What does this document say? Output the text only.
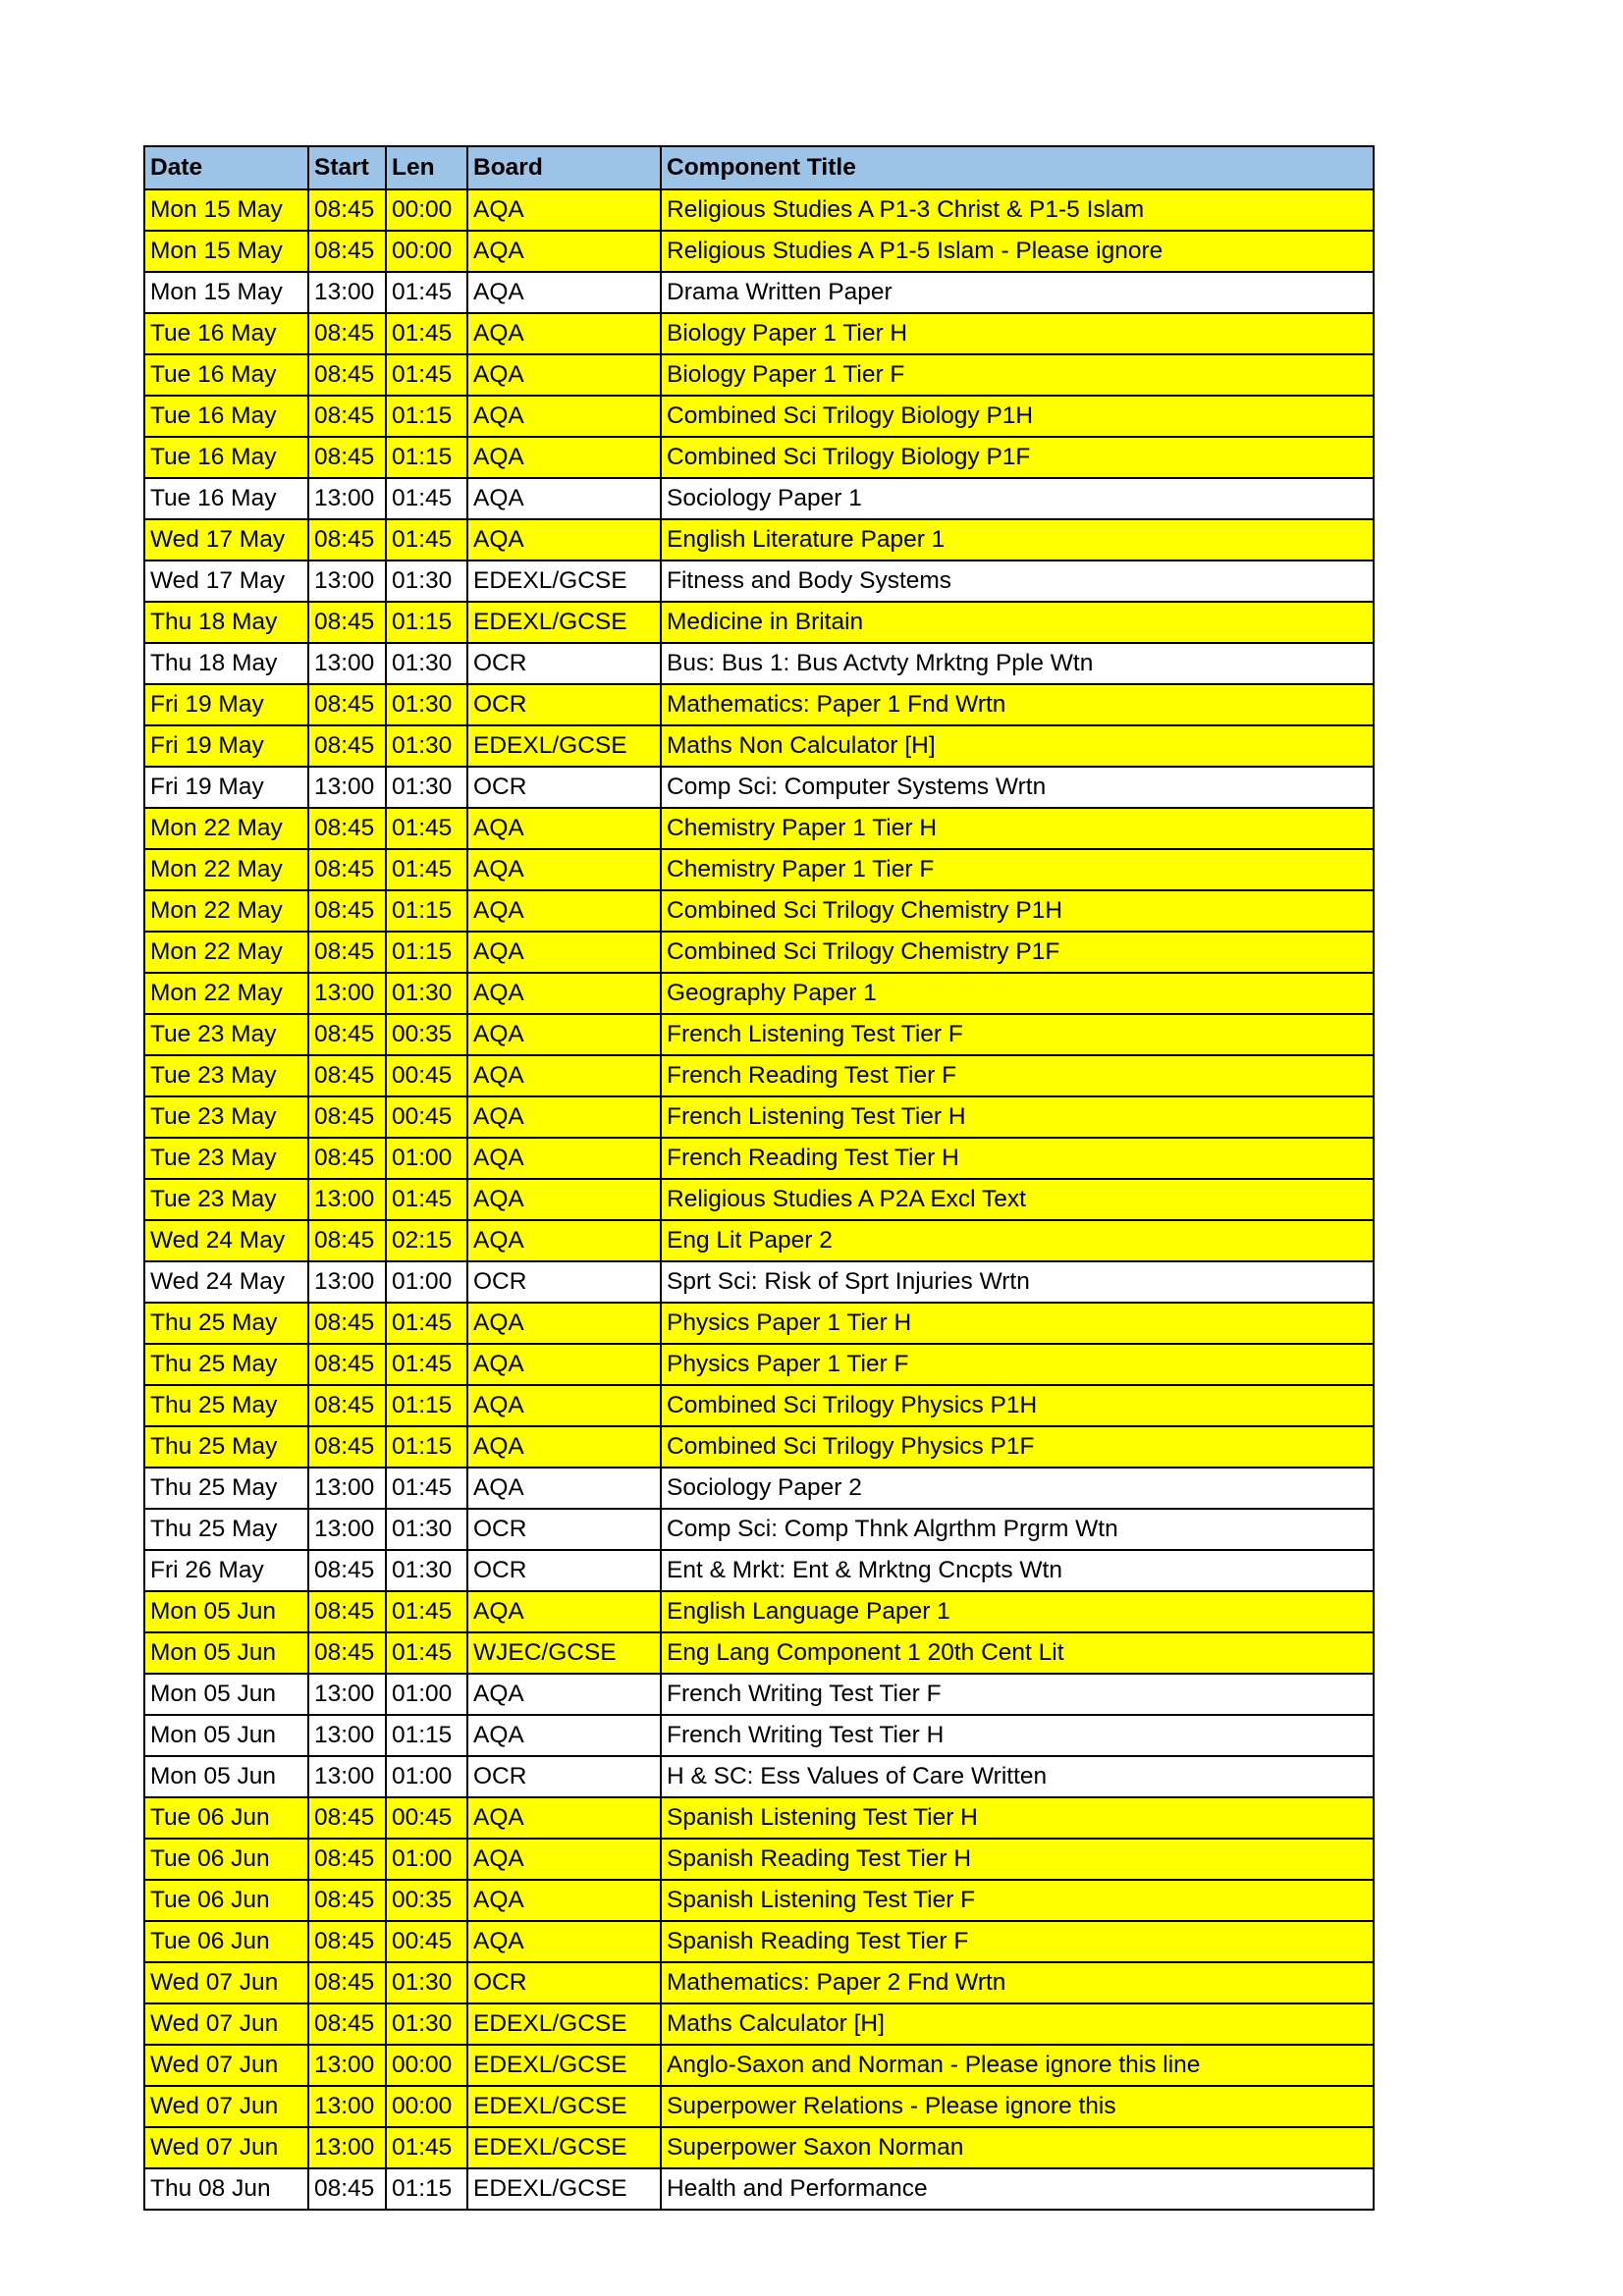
Date	Start	Len	Board	Component Title
Mon 15 May	08:45	00:00	AQA	Religious Studies A P1-3 Christ & P1-5 Islam
Mon 15 May	08:45	00:00	AQA	Religious Studies A P1-5 Islam - Please ignore
Mon 15 May	13:00	01:45	AQA	Drama Written Paper
Tue 16 May	08:45	01:45	AQA	Biology Paper 1 Tier H
Tue 16 May	08:45	01:45	AQA	Biology Paper 1 Tier F
Tue 16 May	08:45	01:15	AQA	Combined Sci Trilogy Biology P1H
Tue 16 May	08:45	01:15	AQA	Combined Sci Trilogy Biology P1F
Tue 16 May	13:00	01:45	AQA	Sociology Paper 1
Wed 17 May	08:45	01:45	AQA	English Literature Paper 1
Wed 17 May	13:00	01:30	EDEXL/GCSE	Fitness and Body Systems
Thu 18 May	08:45	01:15	EDEXL/GCSE	Medicine in Britain
Thu 18 May	13:00	01:30	OCR	Bus: Bus 1: Bus Actvty Mrktng Pple Wtn
Fri 19 May	08:45	01:30	OCR	Mathematics: Paper 1 Fnd Wrtn
Fri 19 May	08:45	01:30	EDEXL/GCSE	Maths Non Calculator [H]
Fri 19 May	13:00	01:30	OCR	Comp Sci: Computer Systems Wrtn
Mon 22 May	08:45	01:45	AQA	Chemistry Paper 1 Tier H
Mon 22 May	08:45	01:45	AQA	Chemistry Paper 1 Tier F
Mon 22 May	08:45	01:15	AQA	Combined Sci Trilogy Chemistry P1H
Mon 22 May	08:45	01:15	AQA	Combined Sci Trilogy Chemistry P1F
Mon 22 May	13:00	01:30	AQA	Geography Paper 1
Tue 23 May	08:45	00:35	AQA	French Listening Test Tier F
Tue 23 May	08:45	00:45	AQA	French Reading Test Tier F
Tue 23 May	08:45	00:45	AQA	French Listening Test Tier H
Tue 23 May	08:45	01:00	AQA	French Reading Test Tier H
Tue 23 May	13:00	01:45	AQA	Religious Studies A P2A Excl Text
Wed 24 May	08:45	02:15	AQA	Eng Lit Paper 2
Wed 24 May	13:00	01:00	OCR	Sprt Sci: Risk of Sprt Injuries Wrtn
Thu 25 May	08:45	01:45	AQA	Physics Paper 1 Tier H
Thu 25 May	08:45	01:45	AQA	Physics Paper 1 Tier F
Thu 25 May	08:45	01:15	AQA	Combined Sci Trilogy Physics P1H
Thu 25 May	08:45	01:15	AQA	Combined Sci Trilogy Physics P1F
Thu 25 May	13:00	01:45	AQA	Sociology Paper 2
Thu 25 May	13:00	01:30	OCR	Comp Sci: Comp Thnk Algrthm Prgrm Wtn
Fri 26 May	08:45	01:30	OCR	Ent & Mrkt: Ent & Mrktng Cncpts Wtn
Mon 05 Jun	08:45	01:45	AQA	English Language Paper 1
Mon 05 Jun	08:45	01:45	WJEC/GCSE	Eng Lang Component 1 20th Cent Lit
Mon 05 Jun	13:00	01:00	AQA	French Writing Test Tier F
Mon 05 Jun	13:00	01:15	AQA	French Writing Test Tier H
Mon 05 Jun	13:00	01:00	OCR	H & SC: Ess Values of Care Written
Tue 06 Jun	08:45	00:45	AQA	Spanish Listening Test Tier H
Tue 06 Jun	08:45	01:00	AQA	Spanish Reading Test Tier H
Tue 06 Jun	08:45	00:35	AQA	Spanish Listening Test Tier F
Tue 06 Jun	08:45	00:45	AQA	Spanish Reading Test Tier F
Wed 07 Jun	08:45	01:30	OCR	Mathematics: Paper 2 Fnd Wrtn
Wed 07 Jun	08:45	01:30	EDEXL/GCSE	Maths Calculator [H]
Wed 07 Jun	13:00	00:00	EDEXL/GCSE	Anglo-Saxon and Norman - Please ignore this line
Wed 07 Jun	13:00	00:00	EDEXL/GCSE	Superpower Relations - Please ignore this
Wed 07 Jun	13:00	01:45	EDEXL/GCSE	Superpower Saxon Norman
Thu 08 Jun	08:45	01:15	EDEXL/GCSE	Health and Performance
